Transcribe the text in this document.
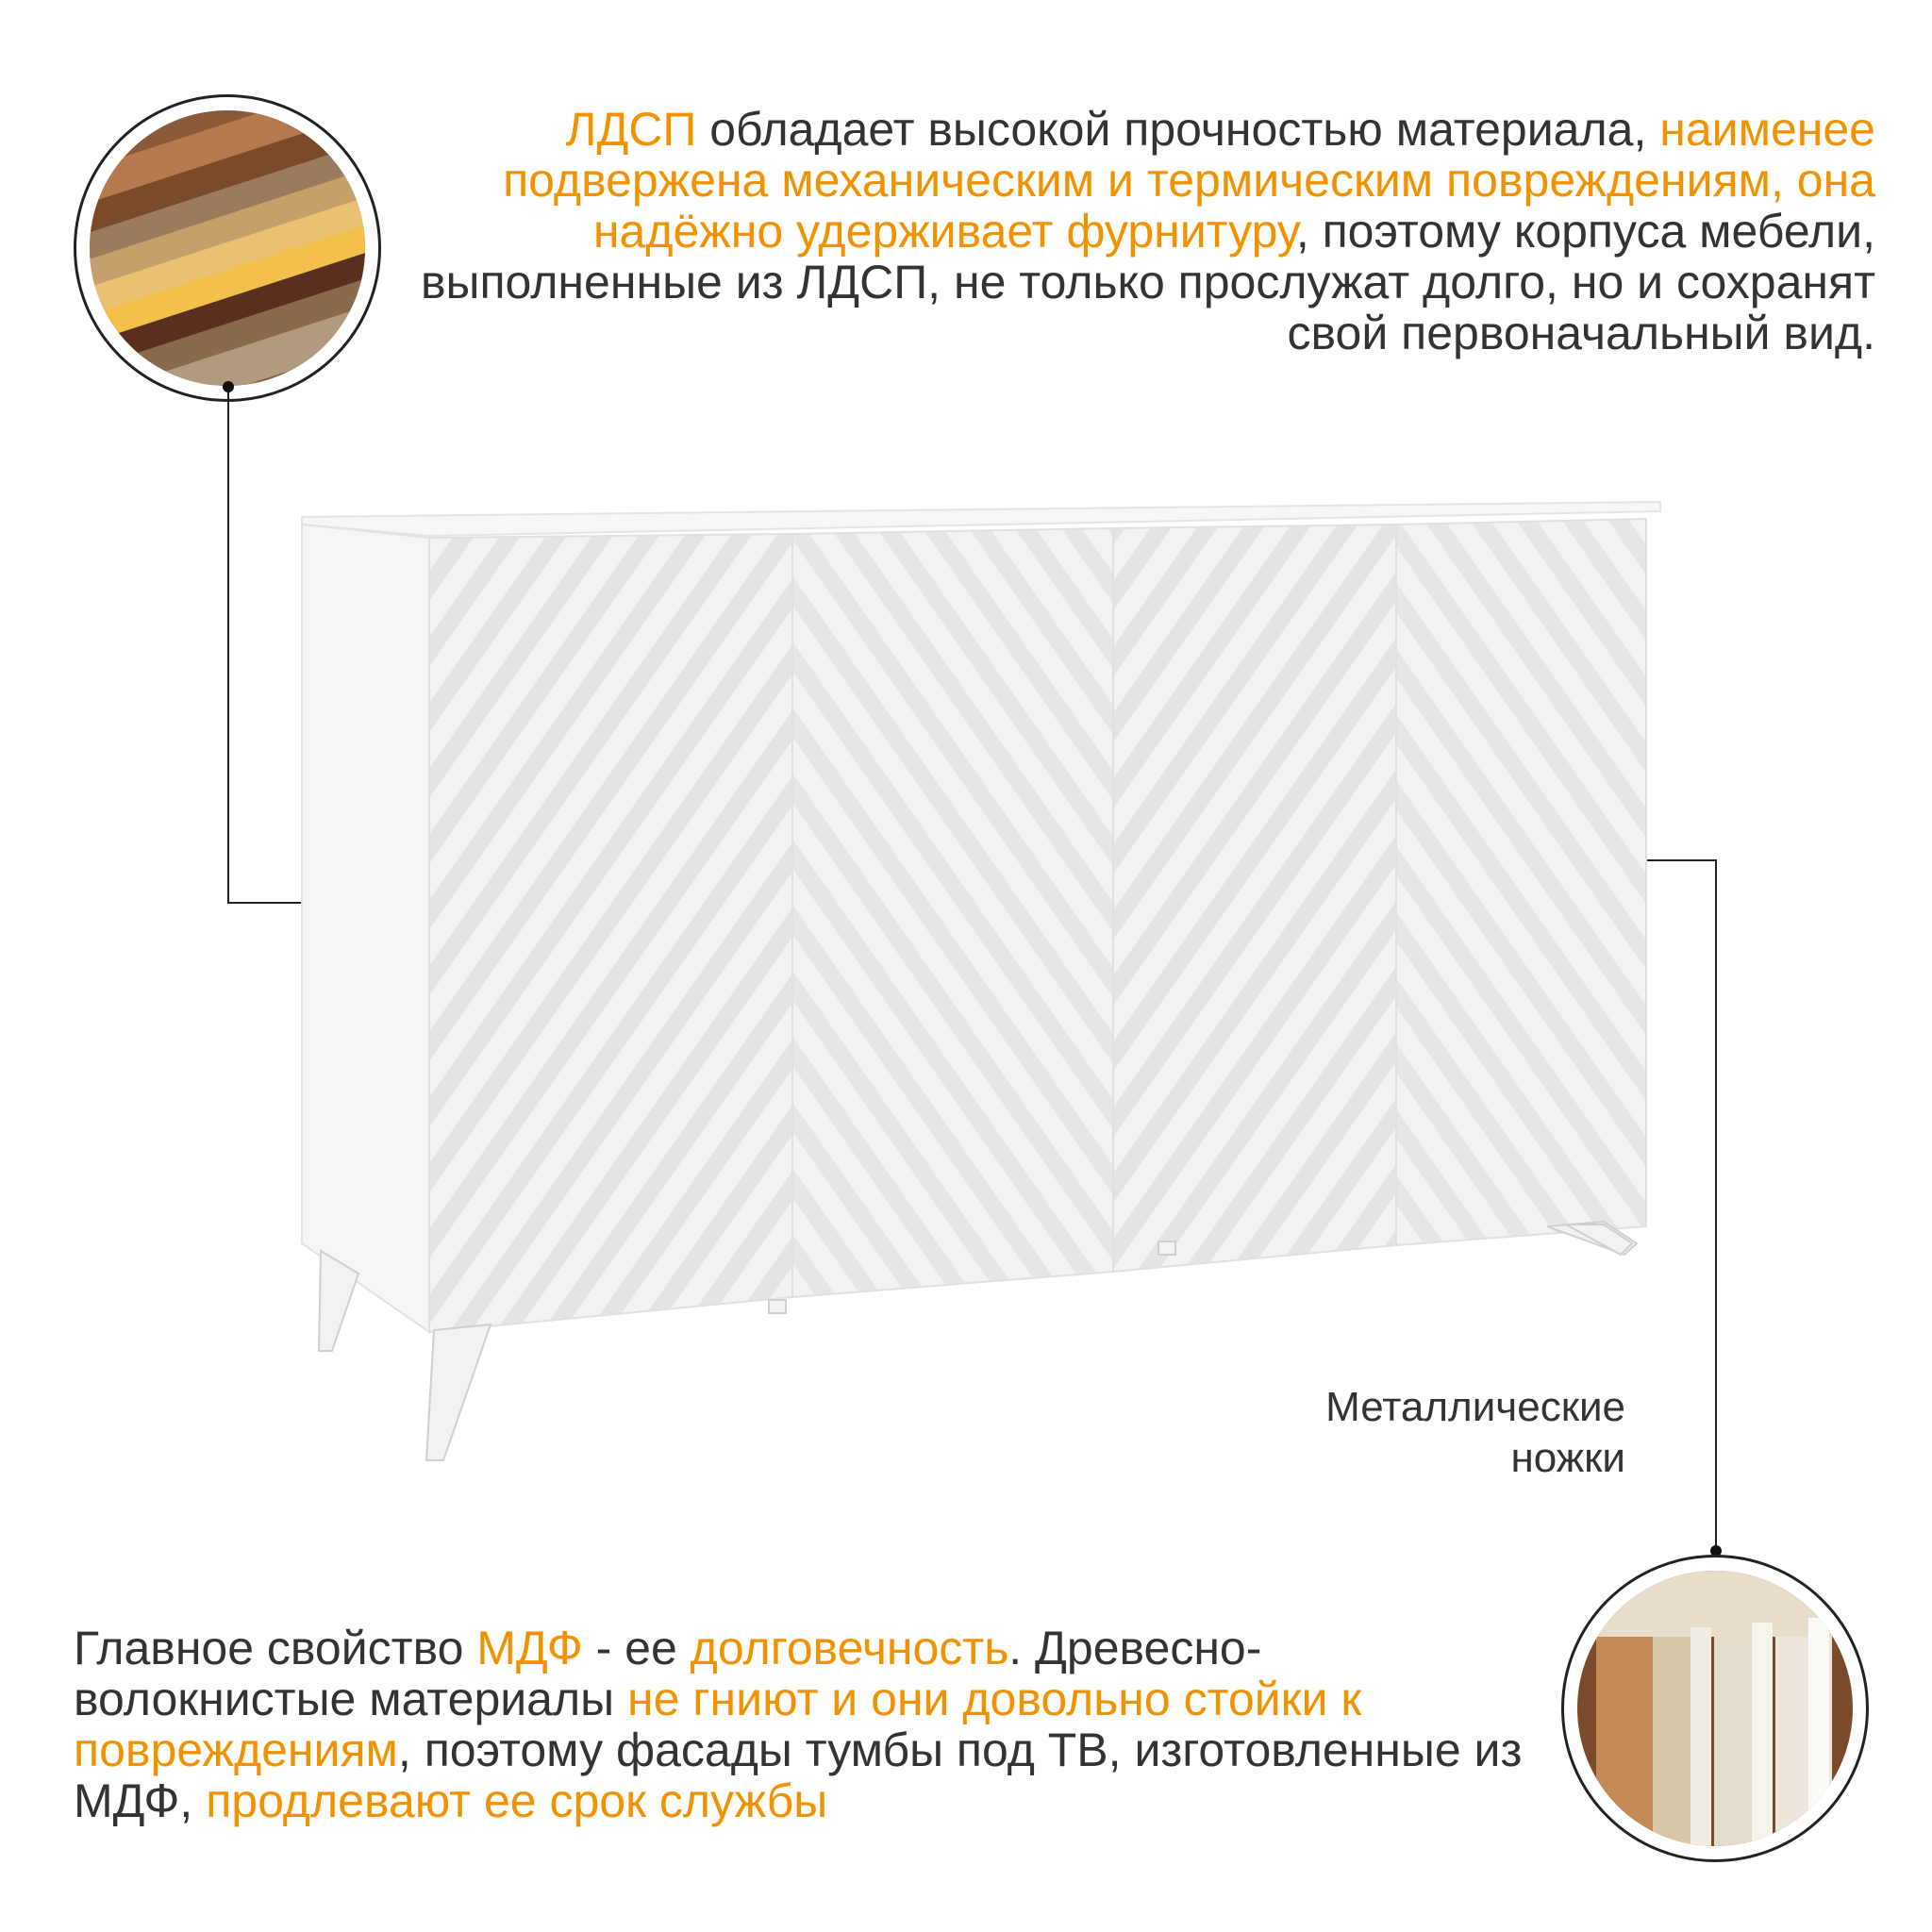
ЛДСП обладает высокой прочностью материала, наименее подвержена механическим и термическим повреждениям, она надёжно удерживает фурнитуру, поэтому корпуса мебели, выполненные из ЛДСП, не только прослужат долго, но и сохранят свой первоначальный вид.
Металлические
ножки
Главное свойство МДФ - ее долговечность. Древесно-волокнистые материалы не гниют и они довольно стойки к повреждениям, поэтому фасады тумбы под ТВ, изготовленные из МДФ, продлевают ее срок службы
